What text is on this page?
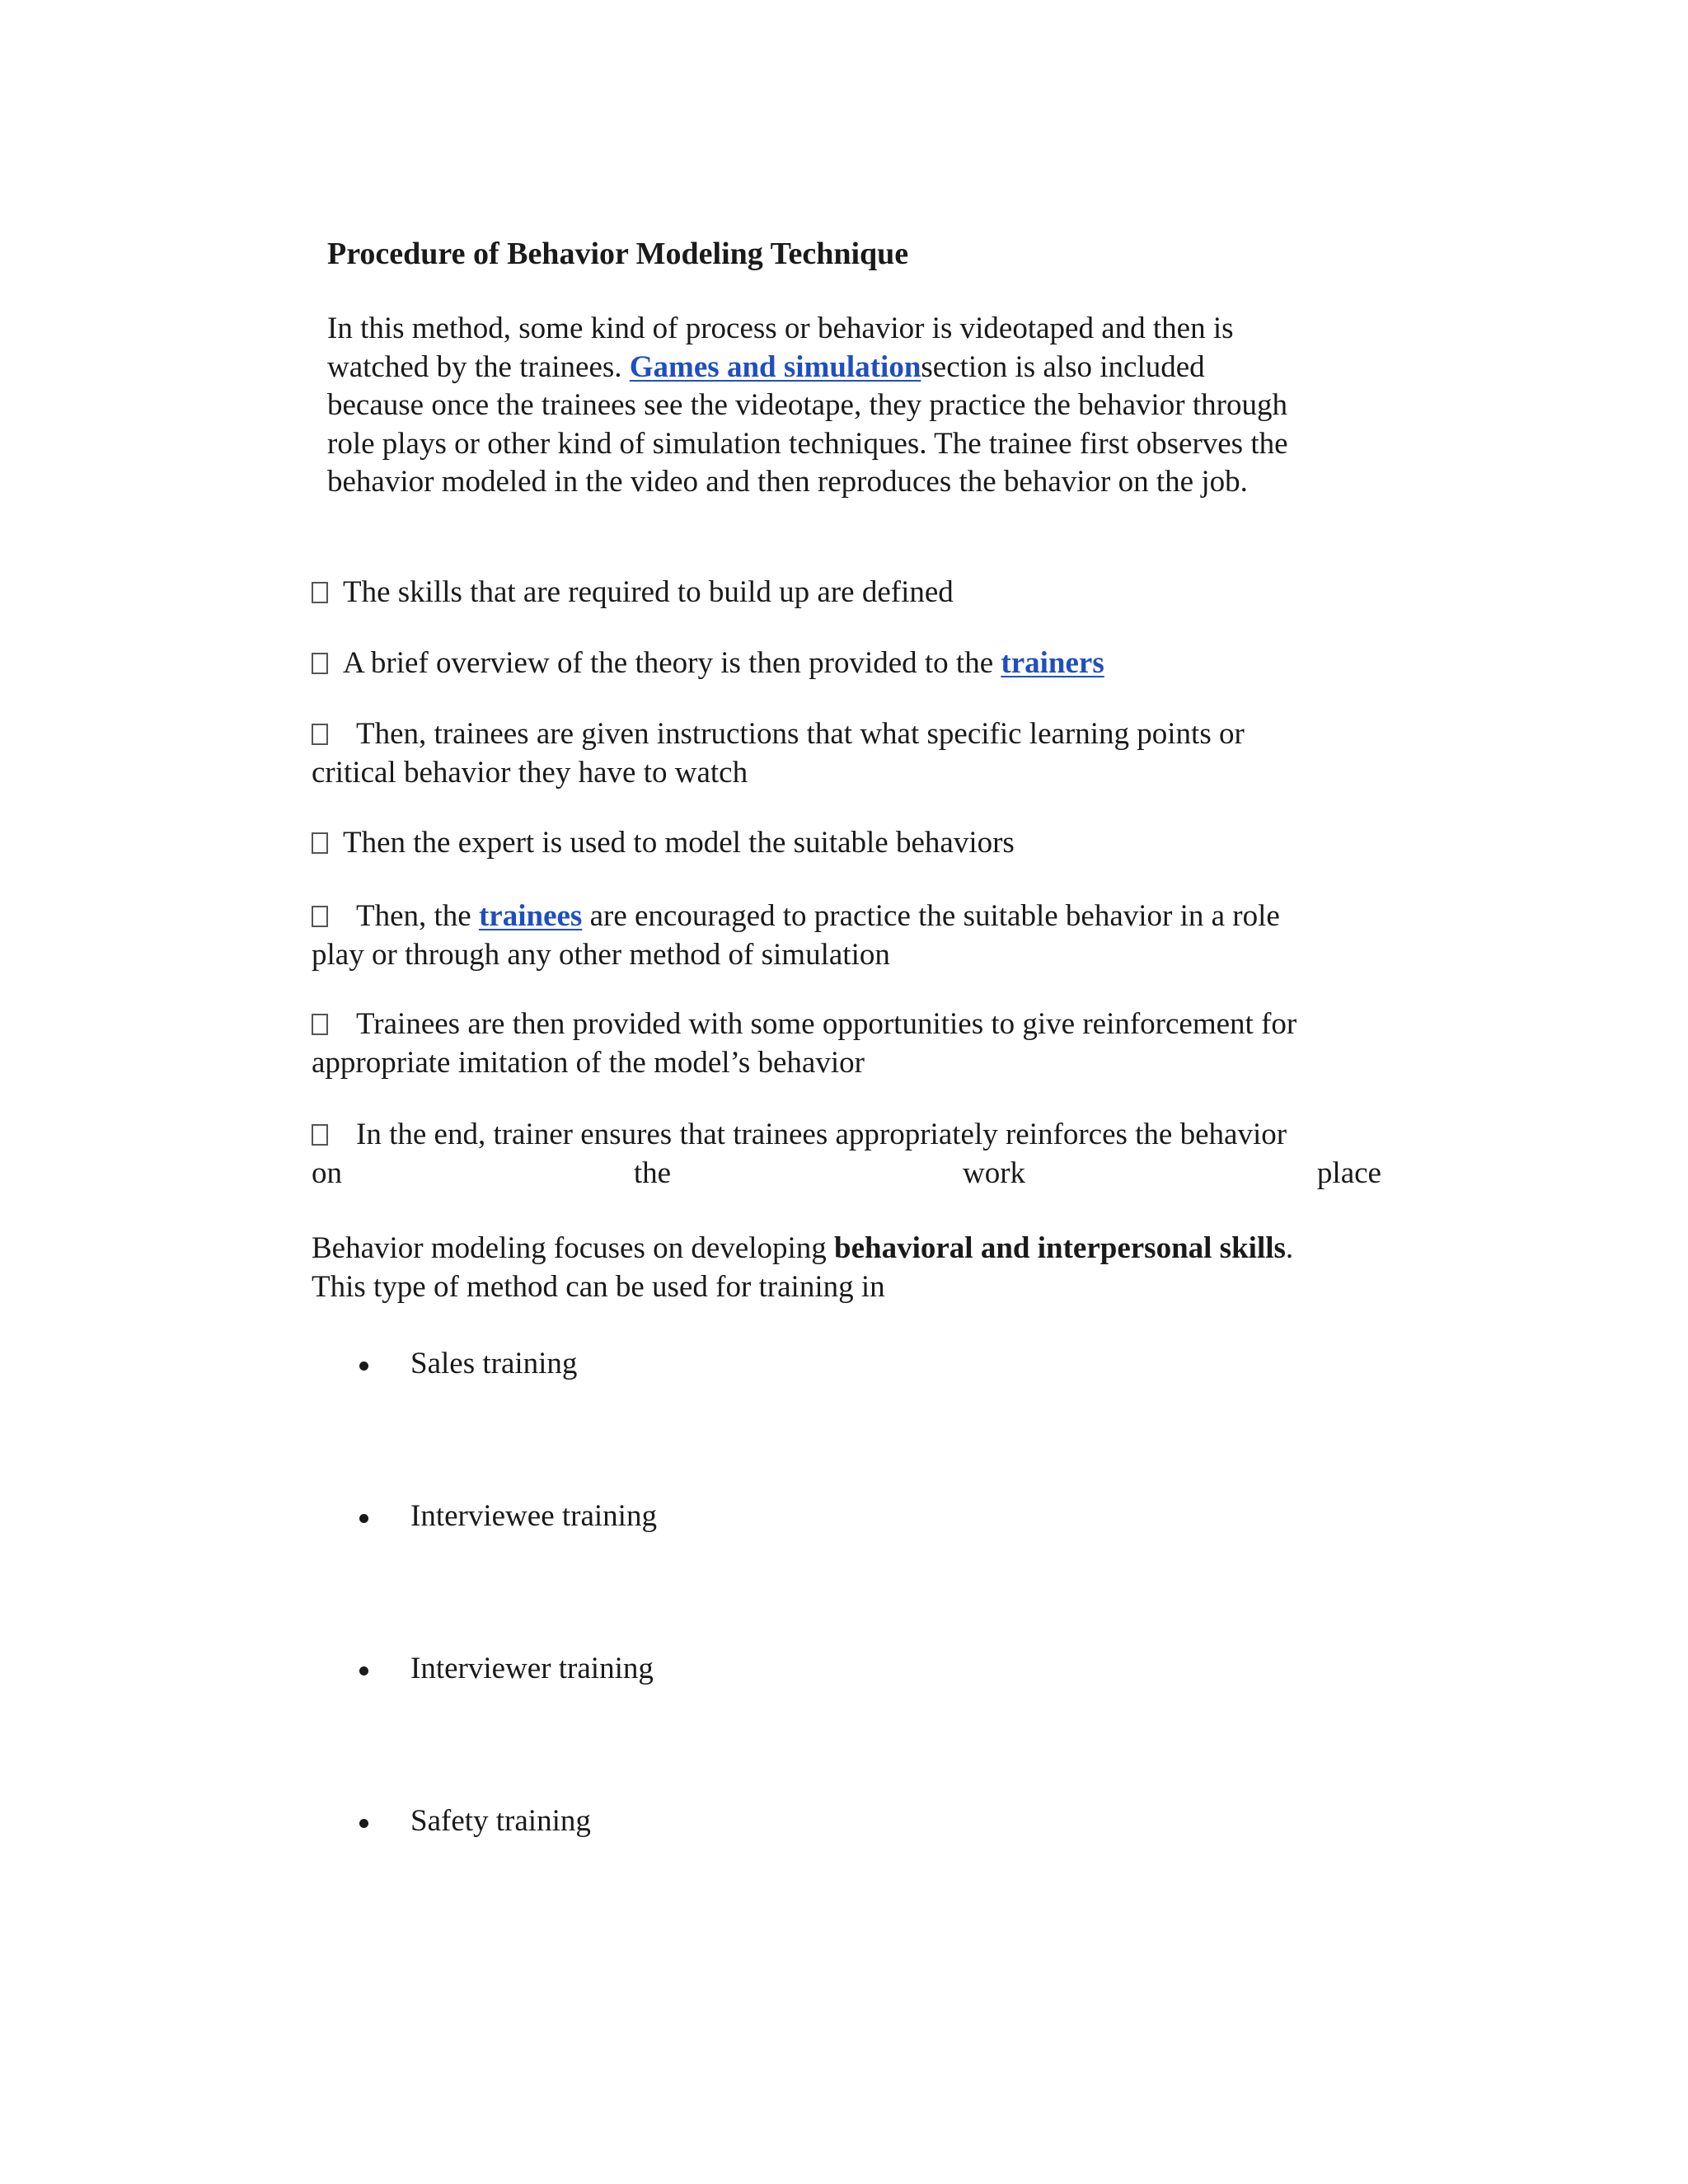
Procedure of Behavior Modeling Technique

In this method, some kind of process or behavior is videotaped and then is
watched by the trainees. Games and simulationsection is also included
because once the trainees see the videotape, they practice the behavior through
role plays or other kind of simulation techniques. The trainee first observes the
behavior modeled in the video and then reproduces the behavior on the job.

The skills that are required to build up are defined

A brief overview of the theory is then provided to the trainers

Then, trainees are given instructions that what specific learning points or
critical behavior they have to watch

Then the expert is used to model the suitable behaviors

Then, the trainees are encouraged to practice the suitable behavior in a role
play or through any other method of simulation

Trainees are then provided with some opportunities to give reinforcement for
appropriate imitation of the model’s behavior

In the end, trainer ensures that trainees appropriately reinforces the behavior
on	the	work	place

Behavior modeling focuses on developing behavioral and interpersonal skills.
This type of method can be used for training in

Sales training
Interviewee training
Interviewer training
Safety training
